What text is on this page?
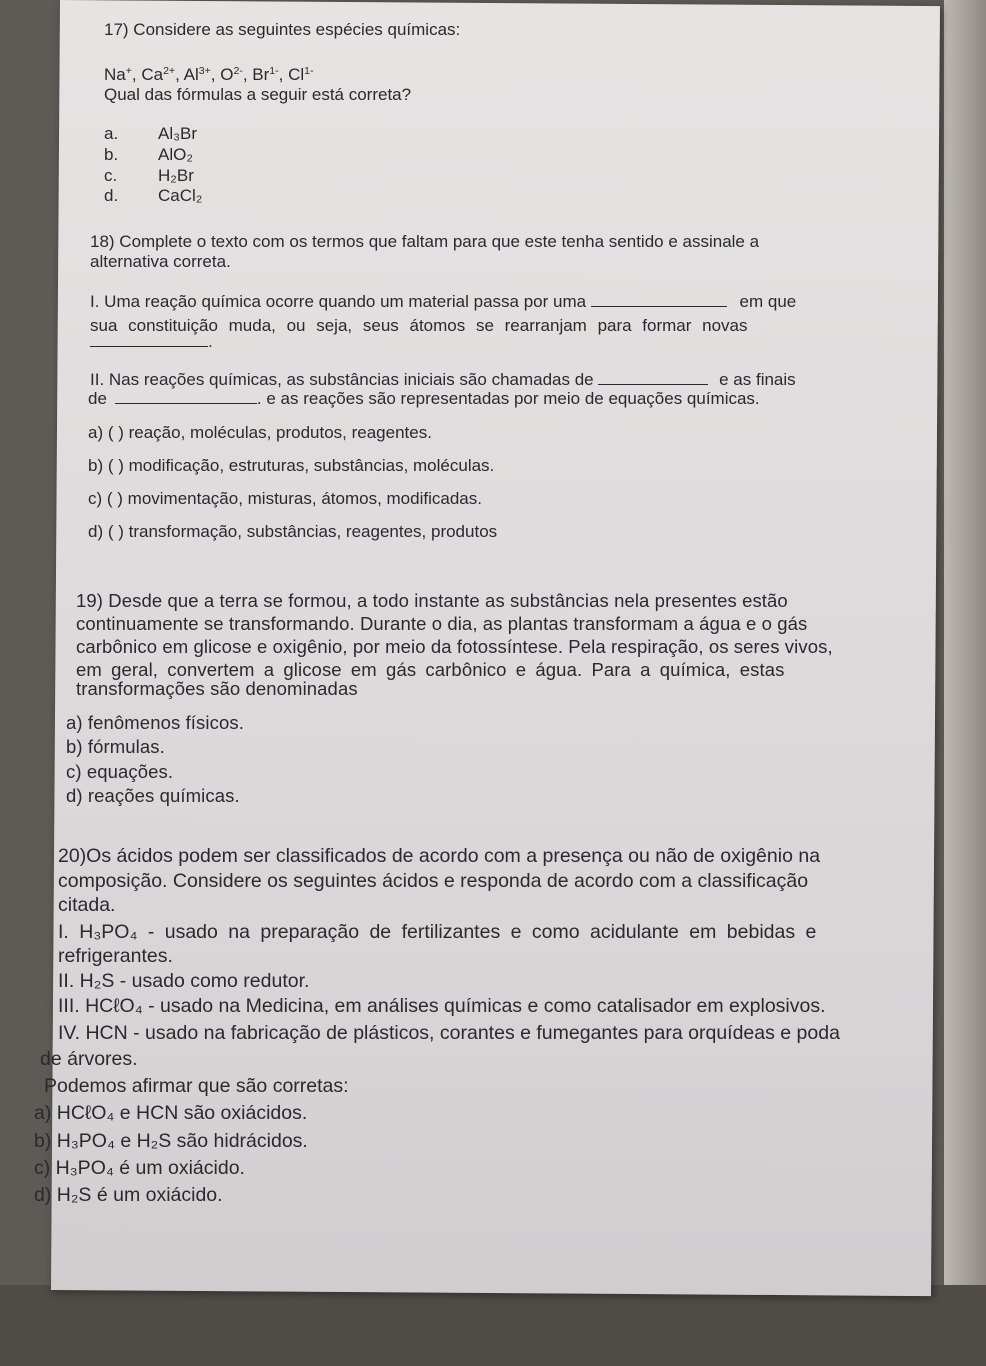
17) Considere as seguintes espécies químicas:
Na+, $Ca^{2+}$, $Al^{3+}$, $O^{2-}$, $Br^{1-}$, $Cl^{1-}$
Qual das fórmulas a seguir está correta?
a. Al₃Br
b. AlO₂
c. H₂Br
d. CaCl₂
18) Complete o texto com os termos que faltam para que este tenha sentido e assinale a
alternativa correta.
I. Uma reação química ocorre quando um material passa por uma	em que
sua constituição muda, ou seja, seus átomos se rearranjam para formar novas
.
II. Nas reações químicas, as substâncias iniciais são chamadas de	e as finais
de	. e as reações são representadas por meio de equações químicas.
a) ( ) reação, moléculas, produtos, reagentes.
b) ( ) modificação, estruturas, substâncias, moléculas.
c) ( ) movimentação, misturas, átomos, modificadas.
d) ( ) transformação, substâncias, reagentes, produtos
19) Desde que a terra se formou, a todo instante as substâncias nela presentes estão
continuamente se transformando. Durante o dia, as plantas transformam a água e o gás
carbônico em glicose e oxigênio, por meio da fotossíntese. Pela respiração, os seres vivos,
em geral, convertem a glicose em gás carbônico e água. Para a química, estas
transformações são denominadas
a) fenômenos físicos.
b) fórmulas.
c) equações.
d) reações químicas.
20)Os ácidos podem ser classificados de acordo com a presença ou não de oxigênio na
composição. Considere os seguintes ácidos e responda de acordo com a classificação
citada.
I. H₃PO₄ - usado na preparação de fertilizantes e como acidulante em bebidas e
refrigerantes.
II. H₂S - usado como redutor.
III. HCℓO₄ - usado na Medicina, em análises químicas e como catalisador em explosivos.
IV. HCN - usado na fabricação de plásticos, corantes e fumegantes para orquídeas e poda
de árvores.
Podemos afirmar que são corretas:
a) HCℓO₄ e HCN são oxiácidos.
b) H₃PO₄ e H₂S são hidrácidos.
c) H₃PO₄ é um oxiácido.
d) H₂S é um oxiácido.
